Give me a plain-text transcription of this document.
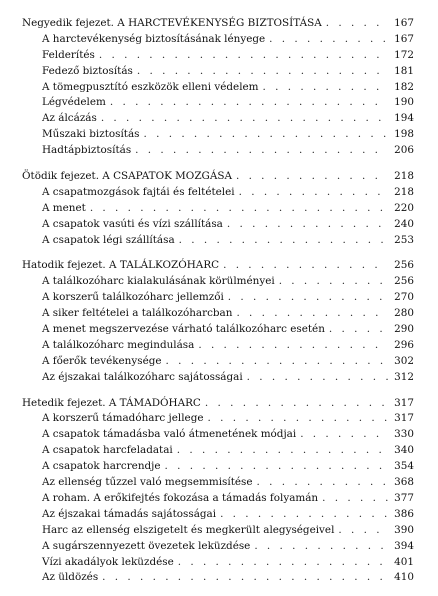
Negyedik fejezet. A HARCTEVÉKENYSÉG BIZTOSÍTÁSA . . .	167
A harctevékenység biztosításának lényege . . .	167
Felderítés . . .	172
Fedező biztosítás . . .	181
A tömegpusztító eszközök elleni védelem . . .	182
Légvédelem . . .	190
Az álcázás . . .	194
Műszaki biztosítás . . .	198
Hadtápbiztosítás . . .	206
Ötödik fejezet. A CSAPATOK MOZGÁSA . . .	218
A csapatmozgások fajtái és feltételei . . .	218
A menet . . .	220
A csapatok vasúti és vízi szállítása . . .	240
A csapatok légi szállítása . . .	253
Hatodik fejezet. A TALÁLKOZÓHARC . . .	256
A találkozóharc kialakulásának körülményei . . .	256
A korszerű találkozóharc jellemzői . . .	270
A siker feltételei a találkozóharcban . . .	280
A menet megszervezése várható találkozóharc esetén . . .	290
A találkozóharc megindulása . . .	296
A főerők tevékenysége . . .	302
Az éjszakai találkozóharc sajátosságai . . .	312
Hetedik fejezet. A TÁMADÓHARC . . .	317
A korszerű támadóharc jellege . . .	317
A csapatok támadásba való átmenetének módjai . . .	330
A csapatok harcfeladatai . . .	340
A csapatok harcrendje . . .	354
Az ellenség tűzzel való megsemmisítése . . .	368
A roham. A erőkifejtés fokozása a támadás folyamán . . .	377
Az éjszakai támadás sajátosságai . . .	386
Harc az ellenség elszigetelt és megkerült alegységeivel . . .	390
A sugárszennyezett övezetek leküzdése . . .	394
Vízi akadályok leküzdése . . .	401
Az üldözés . . .	410
